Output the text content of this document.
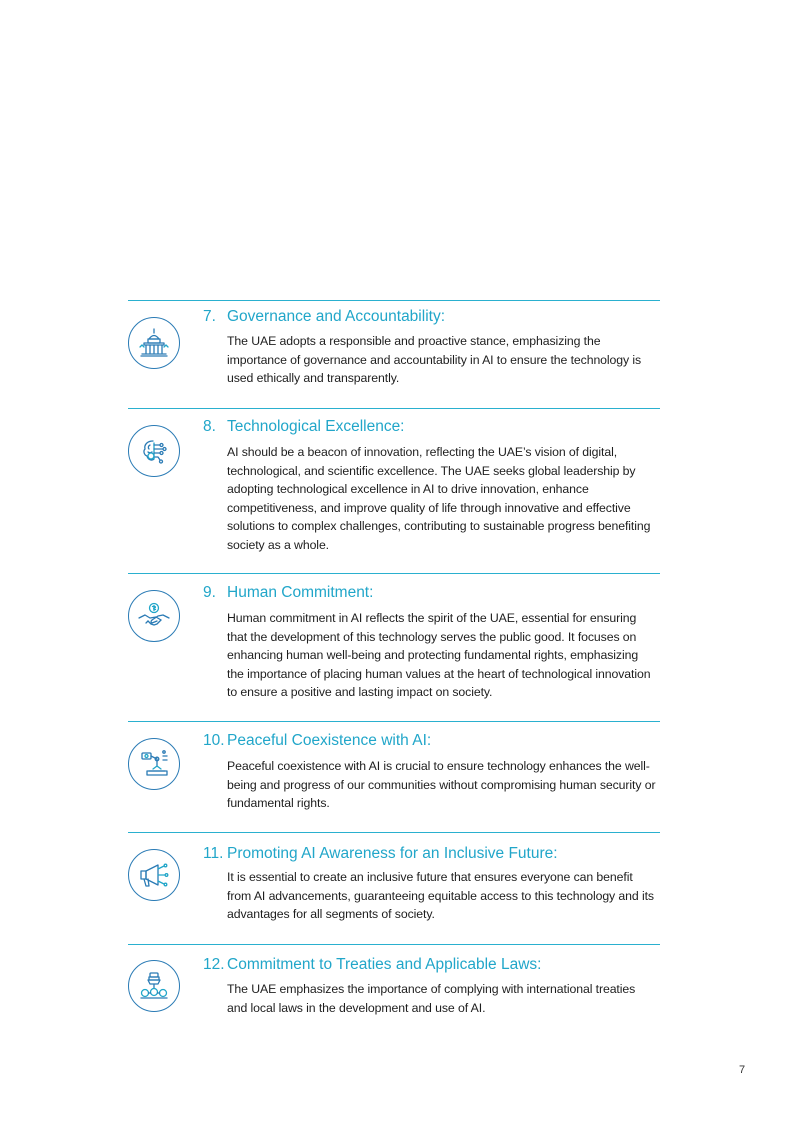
7. Governance and Accountability:

The UAE adopts a responsible and proactive stance, emphasizing the importance of governance and accountability in AI to ensure the technology is used ethically and transparently.

8. Technological Excellence:

AI should be a beacon of innovation, reflecting the UAE’s vision of digital, technological, and scientific excellence. The UAE seeks global leadership by adopting technological excellence in AI to drive innovation, enhance competitiveness, and improve quality of life through innovative and effective solutions to complex challenges, contributing to sustainable progress benefiting society as a whole.

9. Human Commitment:

Human commitment in AI reflects the spirit of the UAE, essential for ensuring that the development of this technology serves the public good. It focuses on enhancing human well-being and protecting fundamental rights, emphasizing the importance of placing human values at the heart of technological innovation to ensure a positive and lasting impact on society.

10. Peaceful Coexistence with AI:

Peaceful coexistence with AI is crucial to ensure technology enhances the well-being and progress of our communities without compromising human security or fundamental rights.

11. Promoting AI Awareness for an Inclusive Future:

It is essential to create an inclusive future that ensures everyone can benefit from AI advancements, guaranteeing equitable access to this technology and its advantages for all segments of society.

12. Commitment to Treaties and Applicable Laws:

The UAE emphasizes the importance of complying with international treaties and local laws in the development and use of AI.

7
